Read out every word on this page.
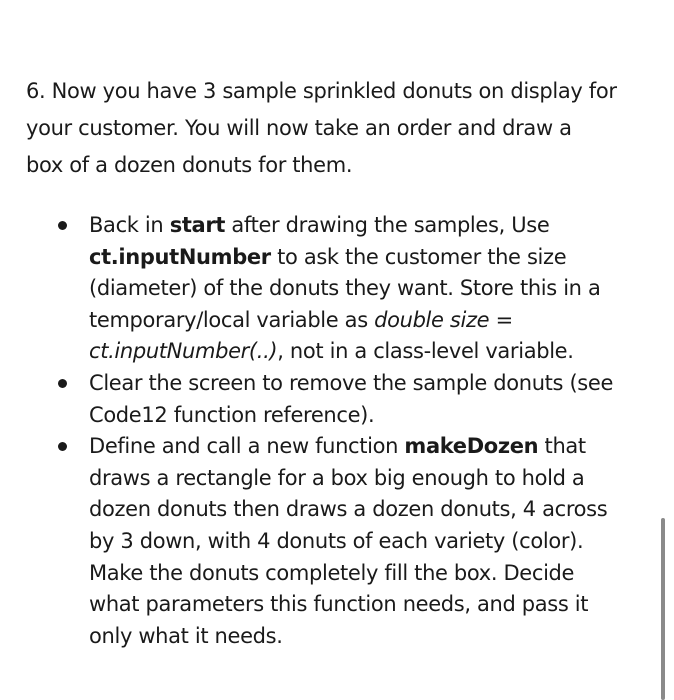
6. Now you have 3 sample sprinkled donuts on display for
your customer. You will now take an order and draw a
box of a dozen donuts for them.

Back in start after drawing the samples, Use
ct.inputNumber to ask the customer the size
(diameter) of the donuts they want. Store this in a
temporary/local variable as double size =
ct.inputNumber(..), not in a class-level variable.
Clear the screen to remove the sample donuts (see
Code12 function reference).
Define and call a new function makeDozen that
draws a rectangle for a box big enough to hold a
dozen donuts then draws a dozen donuts, 4 across
by 3 down, with 4 donuts of each variety (color).
Make the donuts completely fill the box. Decide
what parameters this function needs, and pass it
only what it needs.
